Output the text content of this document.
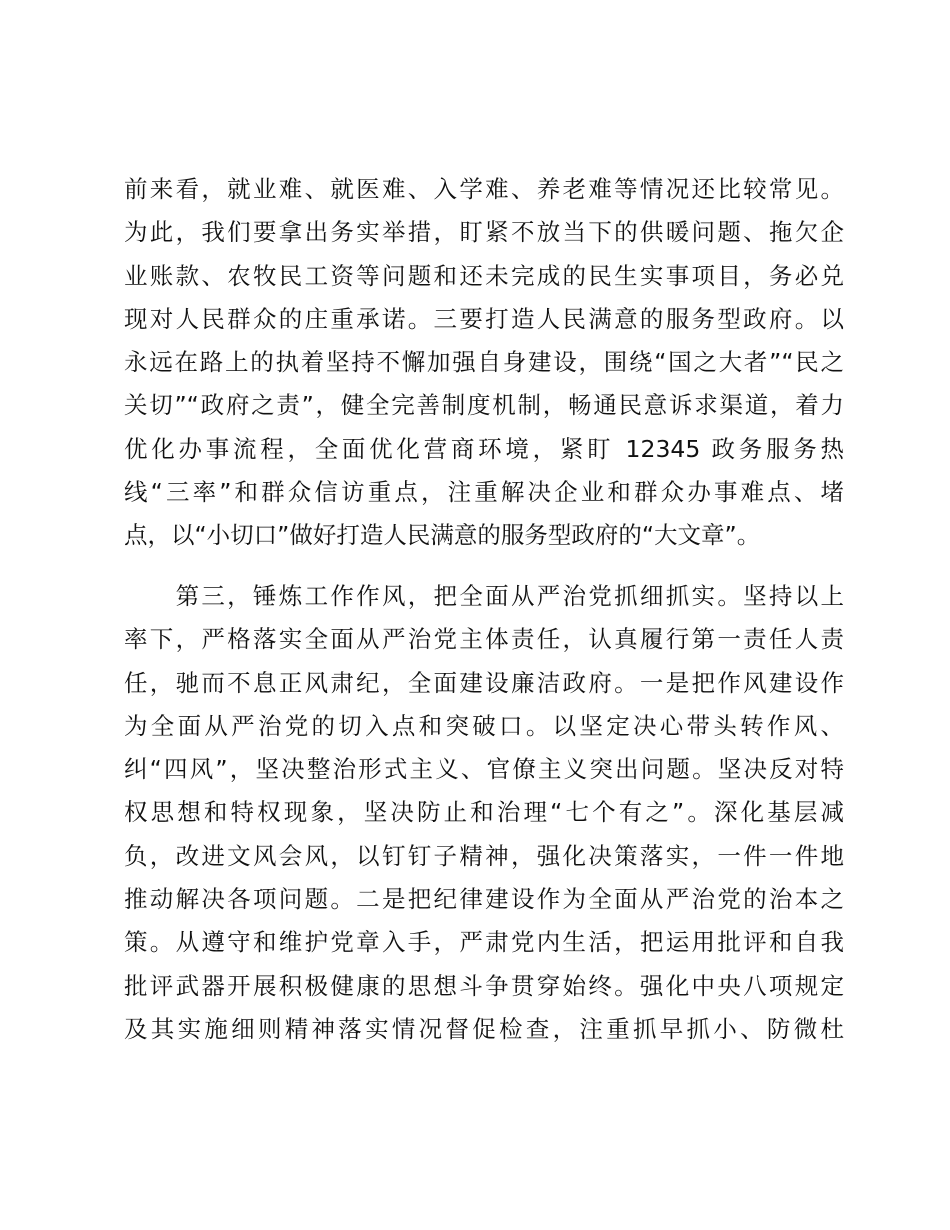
前来看，就业难、就医难、入学难、养老难等情况还比较常见。
为此，我们要拿出务实举措，盯紧不放当下的供暖问题、拖欠企
业账款、农牧民工资等问题和还未完成的民生实事项目，务必兑
现对人民群众的庄重承诺。三要打造人民满意的服务型政府。以
永远在路上的执着坚持不懈加强自身建设，围绕“国之大者”“民之
关切”“政府之责”，健全完善制度机制，畅通民意诉求渠道，着力
优化办事流程，全面优化营商环境，紧盯 12345 政务服务热
线“三率”和群众信访重点，注重解决企业和群众办事难点、堵
点，以“小切口”做好打造人民满意的服务型政府的“大文章”。
　　第三，锤炼工作作风，把全面从严治党抓细抓实。坚持以上
率下，严格落实全面从严治党主体责任，认真履行第一责任人责
任，驰而不息正风肃纪，全面建设廉洁政府。一是把作风建设作
为全面从严治党的切入点和突破口。以坚定决心带头转作风、
纠“四风”，坚决整治形式主义、官僚主义突出问题。坚决反对特
权思想和特权现象，坚决防止和治理“七个有之”。深化基层减
负，改进文风会风，以钉钉子精神，强化决策落实，一件一件地
推动解决各项问题。二是把纪律建设作为全面从严治党的治本之
策。从遵守和维护党章入手，严肃党内生活，把运用批评和自我
批评武器开展积极健康的思想斗争贯穿始终。强化中央八项规定
及其实施细则精神落实情况督促检查，注重抓早抓小、防微杜
